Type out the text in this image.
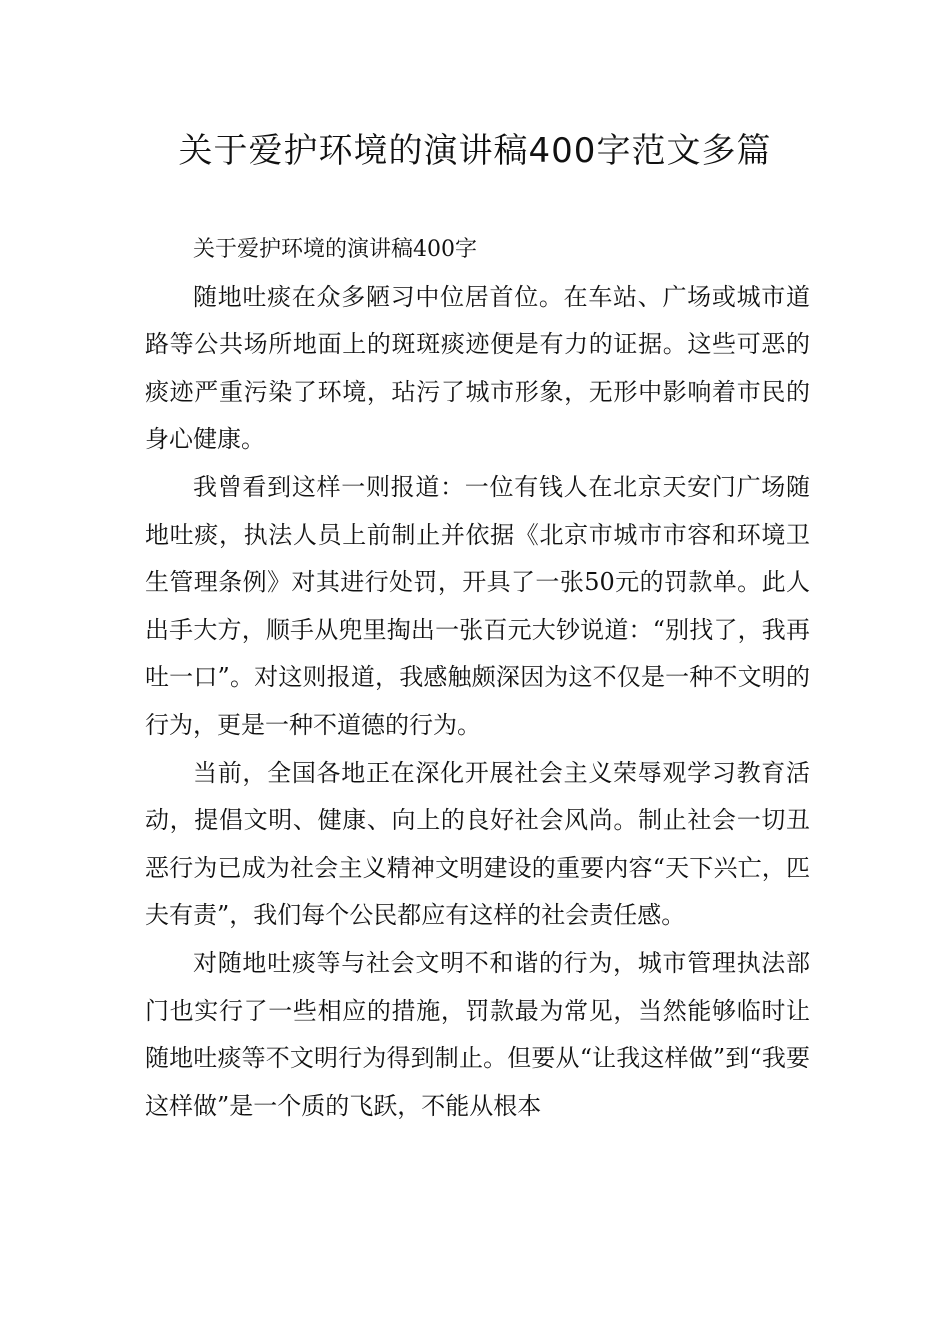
关于爱护环境的演讲稿400字范文多篇

关于爱护环境的演讲稿400字

随地吐痰在众多陋习中位居首位。在车站、广场或城市道路等公共场所地面上的斑斑痰迹便是有力的证据。这些可恶的痰迹严重污染了环境，玷污了城市形象，无形中影响着市民的身心健康。

我曾看到这样一则报道：一位有钱人在北京天安门广场随地吐痰，执法人员上前制止并依据《北京市城市市容和环境卫生管理条例》对其进行处罚，开具了一张50元的罚款单。此人出手大方，顺手从兜里掏出一张百元大钞说道：“别找了，我再吐一口”。对这则报道，我感触颇深因为这不仅是一种不文明的行为，更是一种不道德的行为。

当前，全国各地正在深化开展社会主义荣辱观学习教育活动，提倡文明、健康、向上的良好社会风尚。制止社会一切丑恶行为已成为社会主义精神文明建设的重要内容“天下兴亡，匹夫有责”，我们每个公民都应有这样的社会责任感。

对随地吐痰等与社会文明不和谐的行为，城市管理执法部门也实行了一些相应的措施，罚款最为常见，当然能够临时让随地吐痰等不文明行为得到制止。但要从“让我这样做”到“我要这样做”是一个质的飞跃，不能从根本
